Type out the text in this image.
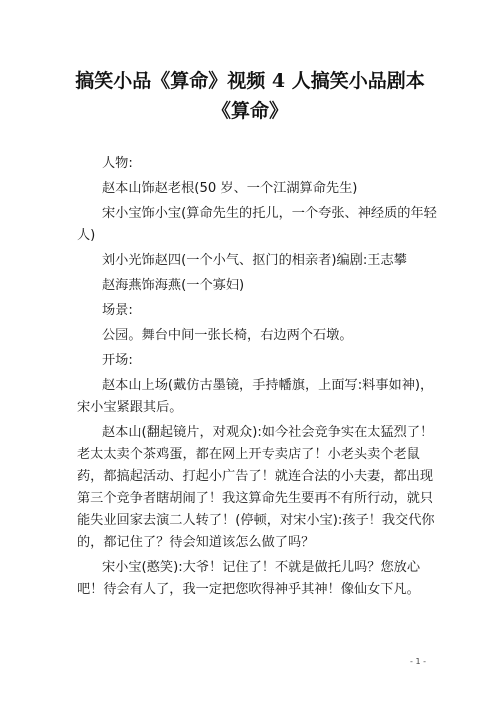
搞笑小品《算命》视频 4 人搞笑小品剧本
《算命》

人物:

赵本山饰赵老根(50 岁、一个江湖算命先生)

宋小宝饰小宝(算命先生的托儿，一个夸张、神经质的年轻人)

刘小光饰赵四(一个小气、抠门的相亲者)编剧:王志攀

赵海燕饰海燕(一个寡妇)

场景:

公园。舞台中间一张长椅，右边两个石墩。

开场:

赵本山上场(戴仿古墨镜，手持幡旗，上面写:料事如神)，宋小宝紧跟其后。

赵本山(翻起镜片，对观众):如今社会竞争实在太猛烈了！老太太卖个茶鸡蛋，都在网上开专卖店了！小老头卖个老鼠药，都搞起活动、打起小广告了！就连合法的小夫妻，都出现第三个竞争者瞎胡闹了！我这算命先生要再不有所行动，就只能失业回家去演二人转了！(停顿，对宋小宝):孩子！我交代你的，都记住了？待会知道该怎么做了吗？

宋小宝(憨笑):大爷！记住了！不就是做托儿吗？您放心吧！待会有人了，我一定把您吹得神乎其神！像仙女下凡。

- 1 -
